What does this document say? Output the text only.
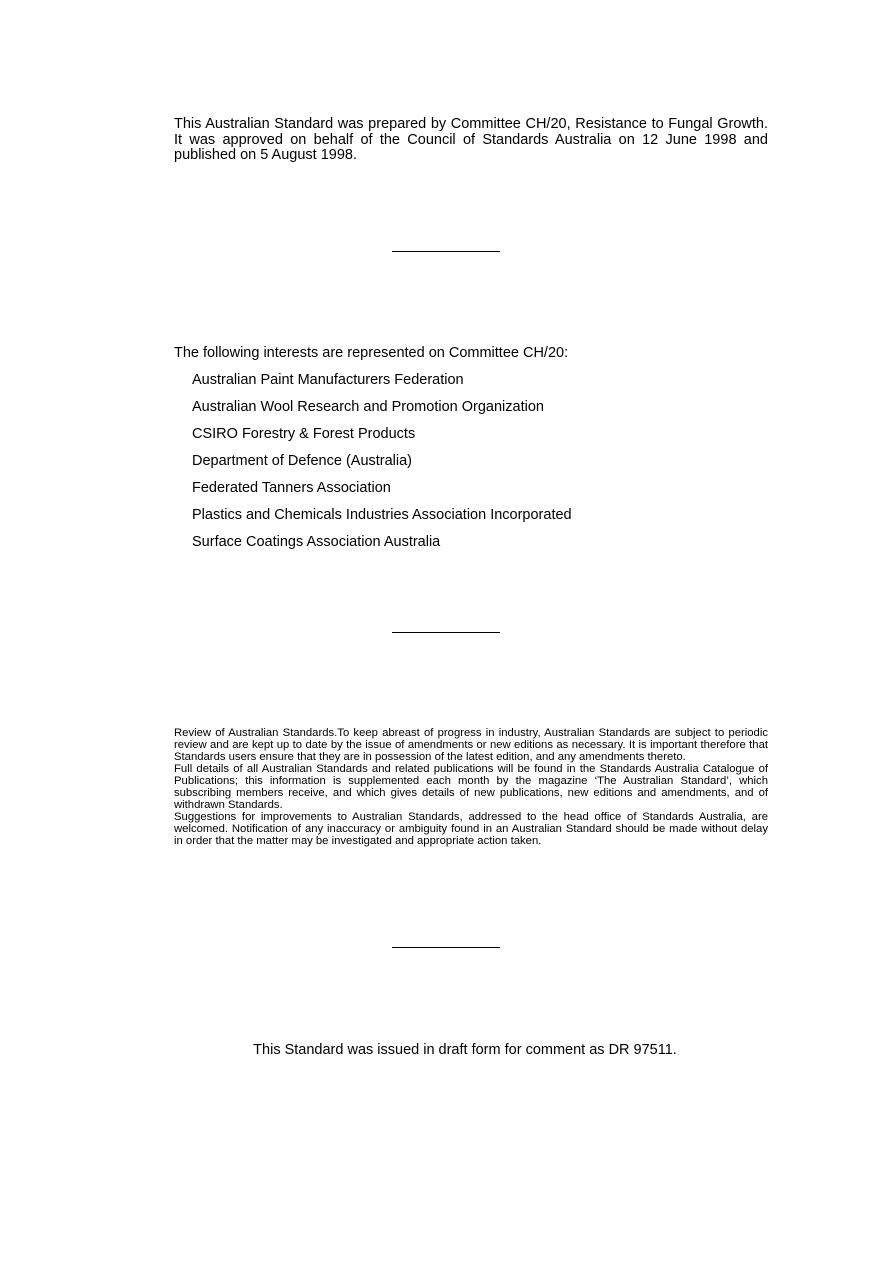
This Australian Standard was prepared by Committee CH/20, Resistance to Fungal Growth. It was approved on behalf of the Council of Standards Australia on 12 June 1998 and published on 5 August 1998.

The following interests are represented on Committee CH/20:

Australian Paint Manufacturers Federation
Australian Wool Research and Promotion Organization
CSIRO Forestry & Forest Products
Department of Defence (Australia)
Federated Tanners Association
Plastics and Chemicals Industries Association Incorporated
Surface Coatings Association Australia

Review of Australian Standards.To keep abreast of progress in industry, Australian Standards are subject to periodic review and are kept up to date by the issue of amendments or new editions as necessary. It is important therefore that Standards users ensure that they are in possession of the latest edition, and any amendments thereto.

Full details of all Australian Standards and related publications will be found in the Standards Australia Catalogue of Publications; this information is supplemented each month by the magazine ‘The Australian Standard’, which subscribing members receive, and which gives details of new publications, new editions and amendments, and of withdrawn Standards.

Suggestions for improvements to Australian Standards, addressed to the head office of Standards Australia, are welcomed. Notification of any inaccuracy or ambiguity found in an Australian Standard should be made without delay in order that the matter may be investigated and appropriate action taken.

This Standard was issued in draft form for comment as DR 97511.
